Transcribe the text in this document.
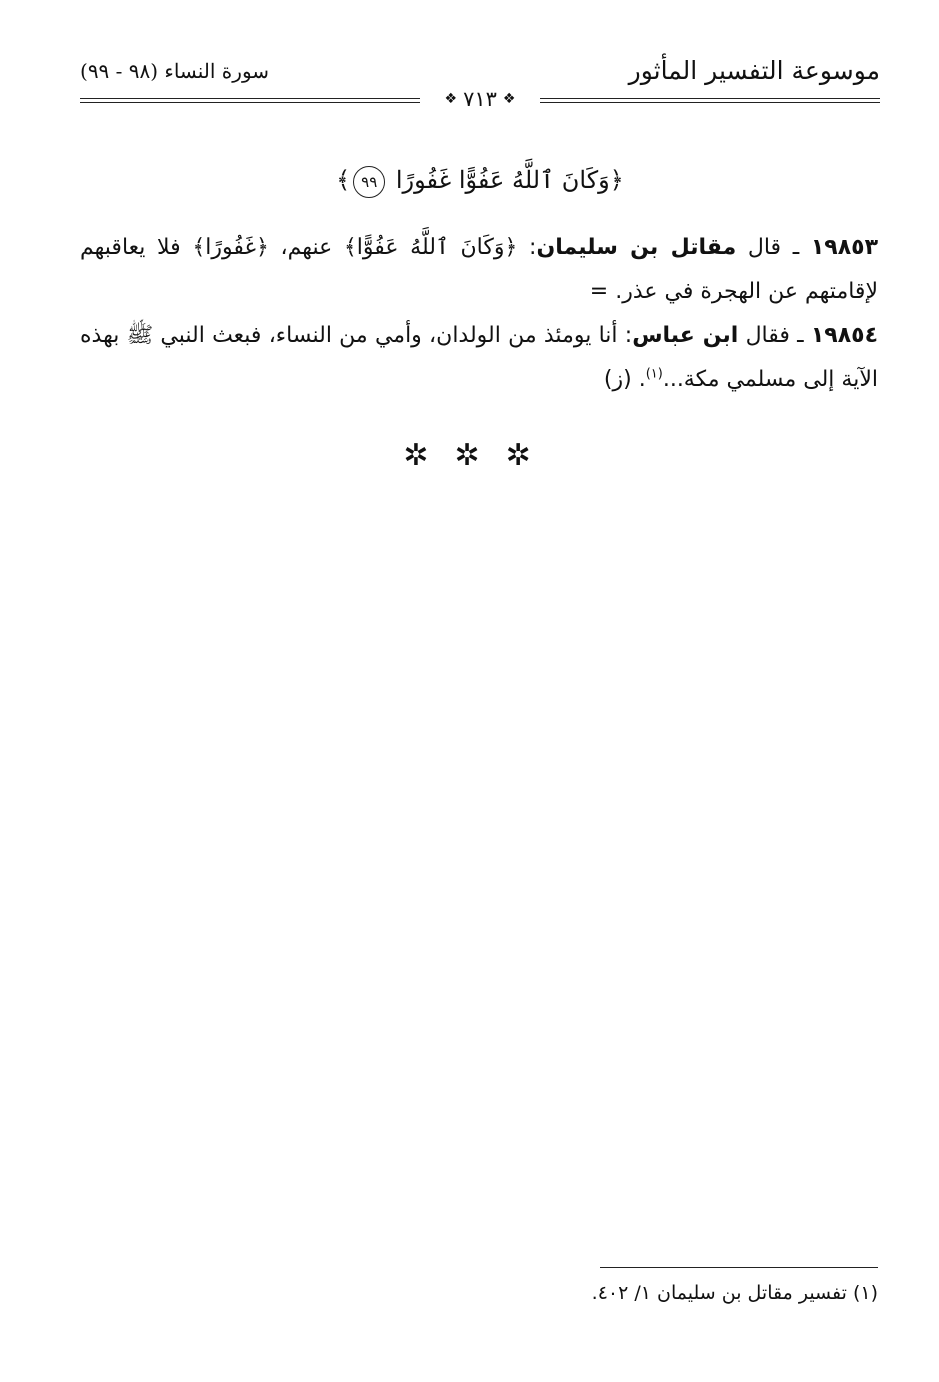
موسوعة التفسير المأثور
سورة النساء (٩٨ - ٩٩)
❖ ٧١٣ ❖
﴿وَكَانَ ٱللَّهُ عَفُوًّا غَفُورًا ٩٩﴾

١٩٨٥٣ ـ قال مقاتل بن سليمان: ﴿وَكَانَ ٱللَّهُ عَفُوًّا﴾ عنهم، ﴿غَفُورًا﴾ فلا يعاقبهم لإقامتهم عن الهجرة في عذر. =

١٩٨٥٤ ـ فقال ابن عباس: أنا يومئذ من الولدان، وأمي من النساء، فبعث النبي ﷺ بهذه الآية إلى مسلمي مكة...$^{(١)}$. (ز)

✲✲✲
(١) تفسير مقاتل بن سليمان ١/ ٤٠٢.
